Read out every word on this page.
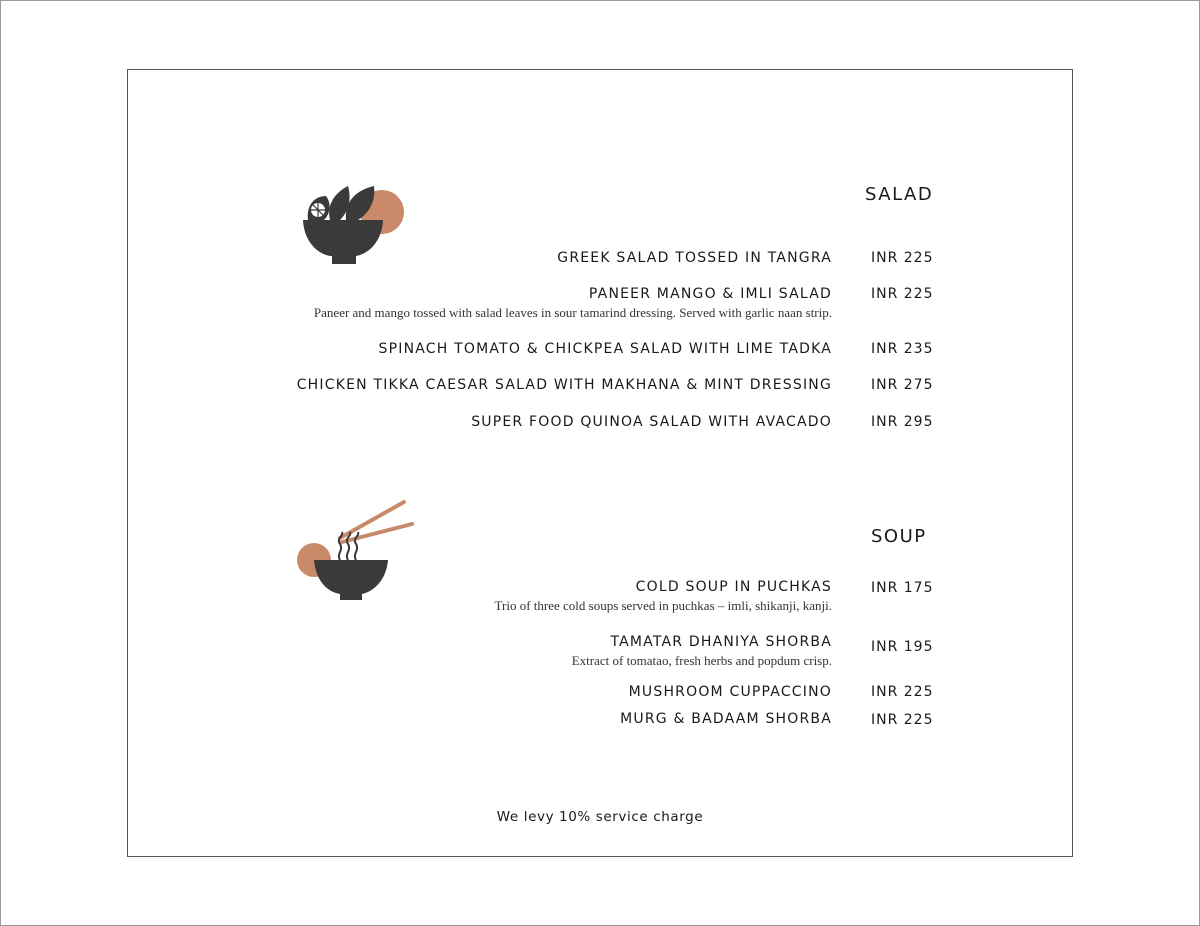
SALAD
GREEK SALAD TOSSED IN TANGRA	INR 225
PANEER MANGO & IMLI SALAD	INR 225
Paneer and mango tossed with salad leaves in sour tamarind dressing. Served with garlic naan strip.
SPINACH TOMATO & CHICKPEA SALAD WITH LIME TADKA	INR 235
CHICKEN TIKKA CAESAR SALAD WITH MAKHANA & MINT DRESSING	INR 275
SUPER FOOD QUINOA SALAD WITH AVACADO	INR 295
SOUP
COLD SOUP IN PUCHKAS	INR 175
Trio of three cold soups served in puchkas – imli, shikanji, kanji.
TAMATAR DHANIYA SHORBA	INR 195
Extract of tomatao, fresh herbs and popdum crisp.
MUSHROOM CUPPACCINO	INR 225
MURG & BADAAM SHORBA	INR 225
We levy 10% service charge
